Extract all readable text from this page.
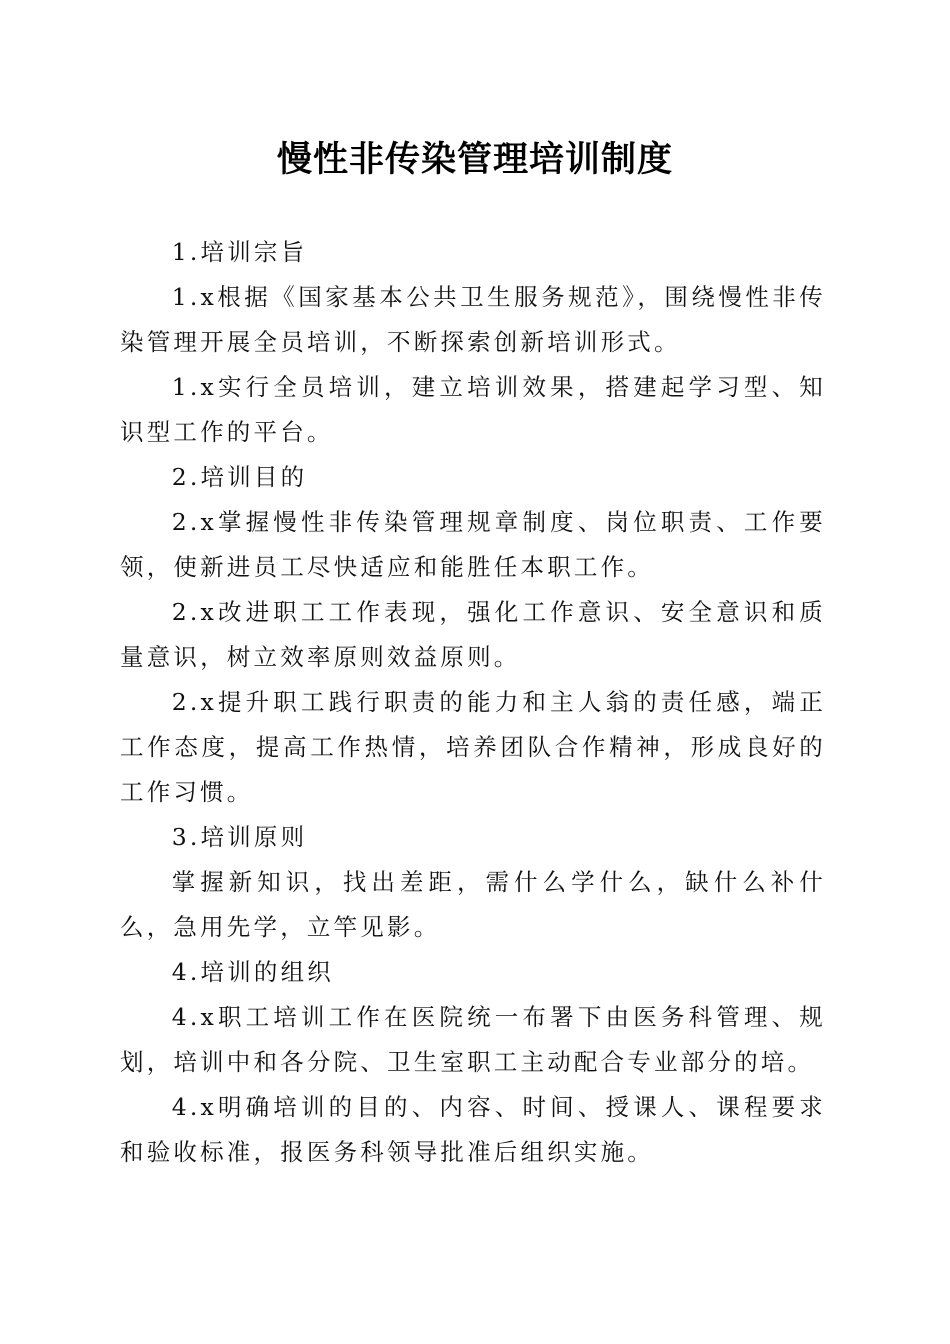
慢性非传染管理培训制度

1.培训宗旨

1.x根据《国家基本公共卫生服务规范》，围绕慢性非传染管理开展全员培训，不断探索创新培训形式。

1.x实行全员培训，建立培训效果，搭建起学习型、知识型工作的平台。

2.培训目的

2.x掌握慢性非传染管理规章制度、岗位职责、工作要领，使新进员工尽快适应和能胜任本职工作。

2.x改进职工工作表现，强化工作意识、安全意识和质量意识，树立效率原则效益原则。

2.x提升职工践行职责的能力和主人翁的责任感，端正工作态度，提高工作热情，培养团队合作精神，形成良好的工作习惯。

3.培训原则

掌握新知识，找出差距，需什么学什么，缺什么补什么，急用先学，立竿见影。

4.培训的组织

4.x职工培训工作在医院统一布署下由医务科管理、规划，培训中和各分院、卫生室职工主动配合专业部分的培。

4.x明确培训的目的、内容、时间、授课人、课程要求和验收标准，报医务科领导批准后组织实施。
